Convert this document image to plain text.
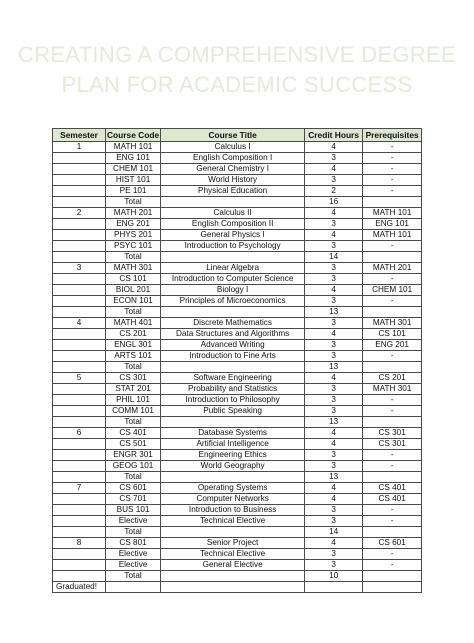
CREATING A COMPREHENSIVE DEGREE
PLAN FOR ACADEMIC SUCCESS
Semester	Course Code	Course Title	Credit Hours	Prerequisites
1	MATH 101	Calculus I	4	-
	ENG 101	English Composition I	3	-
	CHEM 101	General Chemistry I	4	-
	HIST 101	World History	3	-
	PE 101	Physical Education	2	-
	Total		16	
2	MATH 201	Calculus II	4	MATH 101
	ENG 201	English Composition II	3	ENG 101
	PHYS 201	General Physics I	4	MATH 101
	PSYC 101	Introduction to Psychology	3	-
	Total		14	
3	MATH 301	Linear Algebra	3	MATH 201
	CS 101	Introduction to Computer Science	3	-
	BIOL 201	Biology I	4	CHEM 101
	ECON 101	Principles of Microeconomics	3	-
	Total		13	
4	MATH 401	Discrete Mathematics	3	MATH 301
	CS 201	Data Structures and Algorithms	4	CS 101
	ENGL 301	Advanced Writing	3	ENG 201
	ARTS 101	Introduction to Fine Arts	3	-
	Total		13	
5	CS 301	Software Engineering	4	CS 201
	STAT 201	Probability and Statistics	3	MATH 301
	PHIL 101	Introduction to Philosophy	3	-
	COMM 101	Public Speaking	3	-
	Total		13	
6	CS 401	Database Systems	4	CS 301
	CS 501	Artificial Intelligence	4	CS 301
	ENGR 301	Engineering Ethics	3	-
	GEOG 101	World Geography	3	-
	Total		13	
7	CS 601	Operating Systems	4	CS 401
	CS 701	Computer Networks	4	CS 401
	BUS 101	Introduction to Business	3	-
	Elective	Technical Elective	3	-
	Total		14	
8	CS 801	Senior Project	4	CS 601
	Elective	Technical Elective	3	-
	Elective	General Elective	3	-
	Total		10	
Graduated!				
